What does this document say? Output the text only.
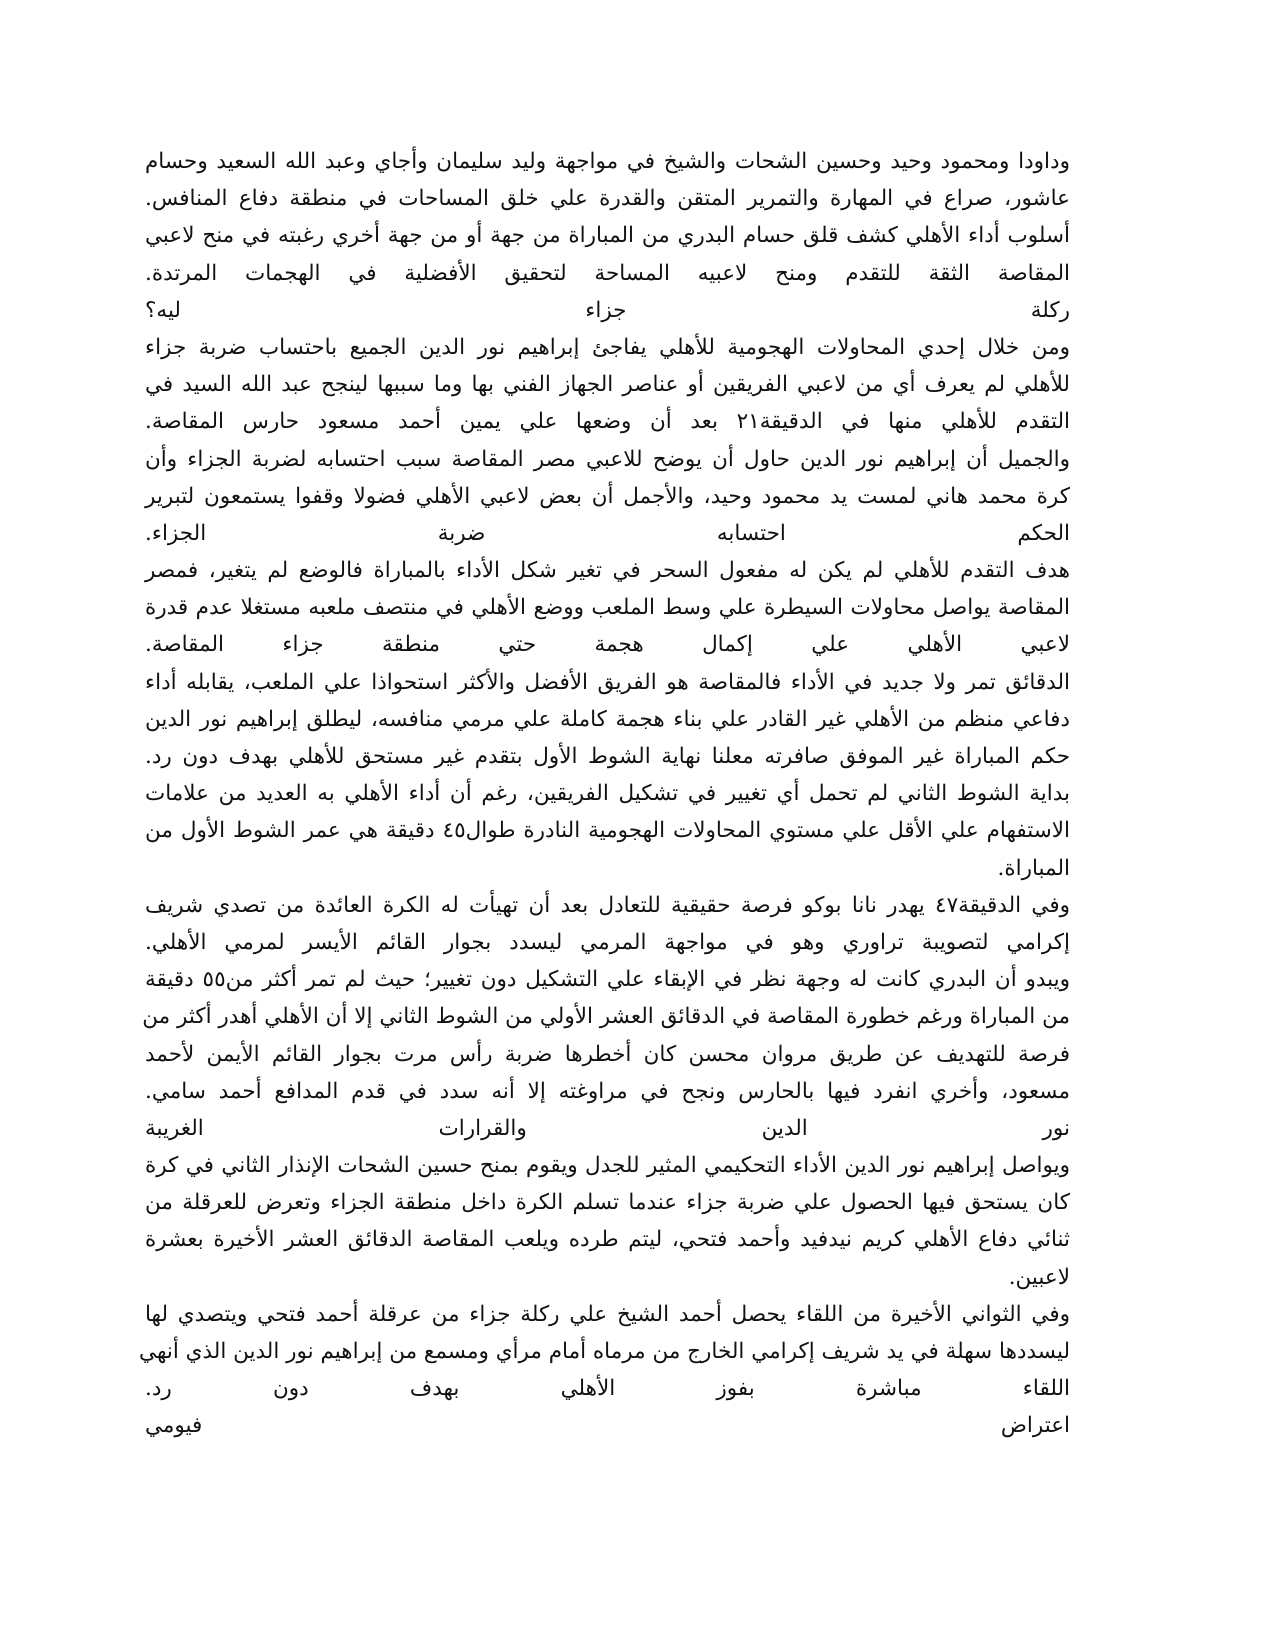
وداودا ومحمود وحيد وحسين الشحات والشيخ في مواجهة وليد سليمان وأجاي وعبد الله السعيد وحسام
عاشور، صراع في المهارة والتمرير المتقن والقدرة علي خلق المساحات في منطقة دفاع المنافس.
أسلوب أداء الأهلي كشف قلق حسام البدري من المباراة من جهة أو من جهة أخري رغبته في منح لاعبي
المقاصة الثقة للتقدم ومنح لاعبيه المساحة لتحقيق الأفضلية في الهجمات المرتدة.
ركلة جزاء ليه؟
ومن خلال إحدي المحاولات الهجومية للأهلي يفاجئ إبراهيم نور الدين الجميع باحتساب ضربة جزاء
للأهلي لم يعرف أي من لاعبي الفريقين أو عناصر الجهاز الفني بها وما سببها لينجح عبد الله السيد في
التقدم للأهلي منها في الدقيقة٢١ بعد أن وضعها علي يمين أحمد مسعود حارس المقاصة.
والجميل أن إبراهيم نور الدين حاول أن يوضح للاعبي مصر المقاصة سبب احتسابه لضربة الجزاء وأن
كرة محمد هاني لمست يد محمود وحيد، والأجمل أن بعض لاعبي الأهلي فضولا وقفوا يستمعون لتبرير
الحكم احتسابه ضربة الجزاء.
هدف التقدم للأهلي لم يكن له مفعول السحر في تغير شكل الأداء بالمباراة فالوضع لم يتغير، فمصر
المقاصة يواصل محاولات السيطرة علي وسط الملعب ووضع الأهلي في منتصف ملعبه مستغلا عدم قدرة
لاعبي الأهلي علي إكمال هجمة حتي منطقة جزاء المقاصة.
الدقائق تمر ولا جديد في الأداء فالمقاصة هو الفريق الأفضل والأكثر استحواذا علي الملعب، يقابله أداء
دفاعي منظم من الأهلي غير القادر علي بناء هجمة كاملة علي مرمي منافسه، ليطلق إبراهيم نور الدين
حكم المباراة غير الموفق صافرته معلنا نهاية الشوط الأول بتقدم غير مستحق للأهلي بهدف دون رد.
بداية الشوط الثاني لم تحمل أي تغيير في تشكيل الفريقين، رغم أن أداء الأهلي به العديد من علامات
الاستفهام علي الأقل علي مستوي المحاولات الهجومية النادرة طوال٤٥ دقيقة هي عمر الشوط الأول من
المباراة.
وفي الدقيقة٤٧ يهدر نانا بوكو فرصة حقيقية للتعادل بعد أن تهيأت له الكرة العائدة من تصدي شريف
إكرامي لتصويبة تراوري وهو في مواجهة المرمي ليسدد بجوار القائم الأيسر لمرمي الأهلي.
ويبدو أن البدري كانت له وجهة نظر في الإبقاء علي التشكيل دون تغيير؛ حيث لم تمر أكثر من٥٥ دقيقة
من المباراة ورغم خطورة المقاصة في الدقائق العشر الأولي من الشوط الثاني إلا أن الأهلي أهدر أكثر من
فرصة للتهديف عن طريق مروان محسن كان أخطرها ضربة رأس مرت بجوار القائم الأيمن لأحمد
مسعود، وأخري انفرد فيها بالحارس ونجح في مراوغته إلا أنه سدد في قدم المدافع أحمد سامي.
نور الدين والقرارات الغريبة
ويواصل إبراهيم نور الدين الأداء التحكيمي المثير للجدل ويقوم بمنح حسين الشحات الإنذار الثاني في كرة
كان يستحق فيها الحصول علي ضربة جزاء عندما تسلم الكرة داخل منطقة الجزاء وتعرض للعرقلة من
ثنائي دفاع الأهلي كريم نيدفيد وأحمد فتحي، ليتم طرده ويلعب المقاصة الدقائق العشر الأخيرة بعشرة
لاعبين.
وفي الثواني الأخيرة من اللقاء يحصل أحمد الشيخ علي ركلة جزاء من عرقلة أحمد فتحي ويتصدي لها
ليسددها سهلة في يد شريف إكرامي الخارج من مرماه أمام مرأي ومسمع من إبراهيم نور الدين الذي أنهي
اللقاء مباشرة بفوز الأهلي بهدف دون رد.
اعتراض فيومي
